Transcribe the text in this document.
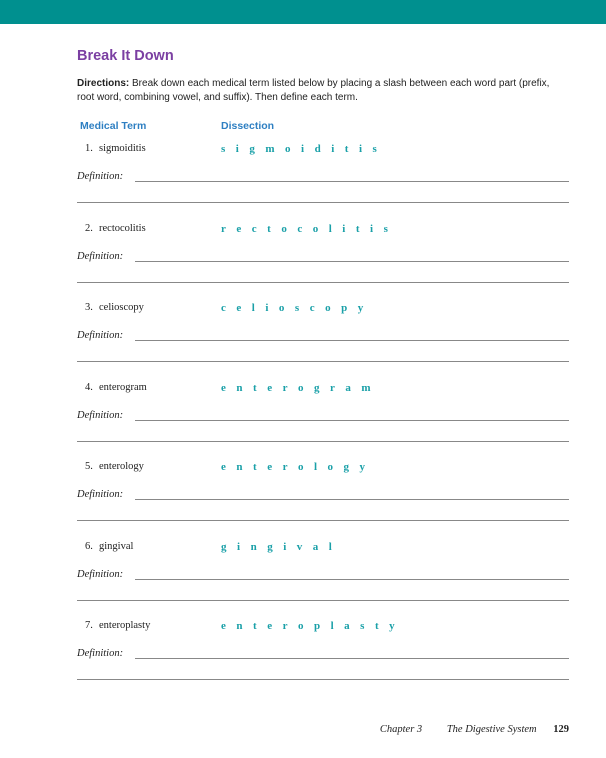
Break It Down
Directions: Break down each medical term listed below by placing a slash between each word part (prefix, root word, combining vowel, and suffix). Then define each term.
Medical Term	Dissection
1. sigmoiditis	s i g m o i d i t i s
Definition:
2. rectocolitis	r e c t o c o l i t i s
Definition:
3. celioscopy	c e l i o s c o p y
Definition:
4. enterogram	e n t e r o g r a m
Definition:
5. enterology	e n t e r o l o g y
Definition:
6. gingival	g i n g i v a l
Definition:
7. enteroplasty	e n t e r o p l a s t y
Definition:
Chapter 3 The Digestive System 129
